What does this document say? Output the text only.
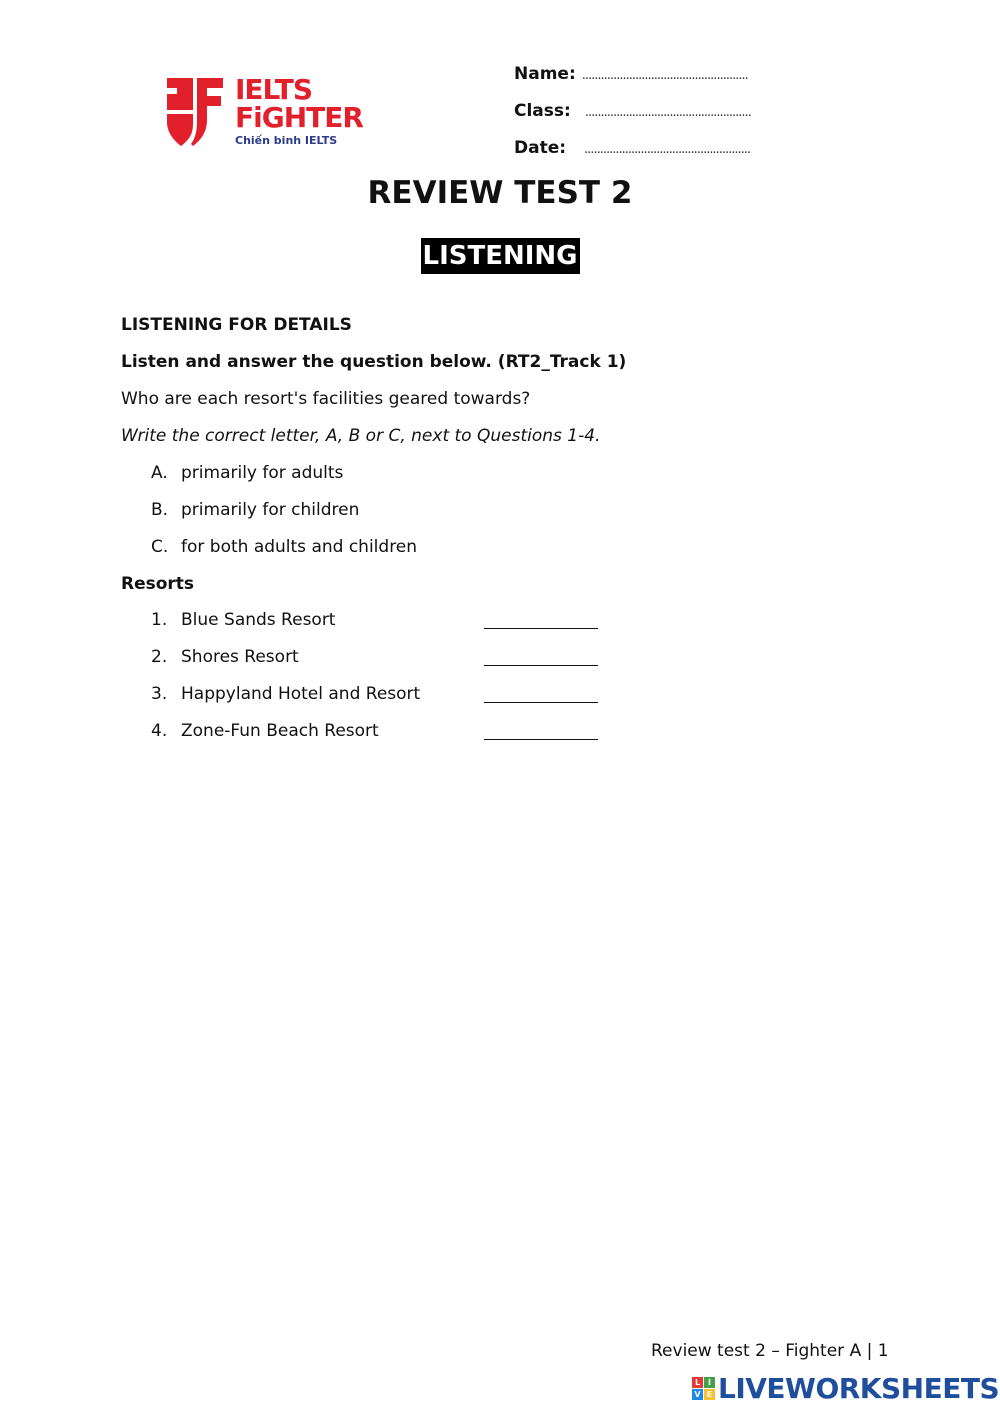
IELTS
FiGHTER
Chiến binh IELTS
Name: .....................................................
Class: .....................................................
Date: .....................................................
REVIEW TEST 2
LISTENING
LISTENING FOR DETAILS
Listen and answer the question below. (RT2_Track 1)
Who are each resort's facilities geared towards?
Write the correct letter, A, B or C, next to Questions 1-4.
A. primarily for adults
B. primarily for children
C. for both adults and children
Resorts
1. Blue Sands Resort
2. Shores Resort
3. Happyland Hotel and Resort
4. Zone-Fun Beach Resort
Review test 2 – Fighter A | 1
L I
V E LIVEWORKSHEETS
